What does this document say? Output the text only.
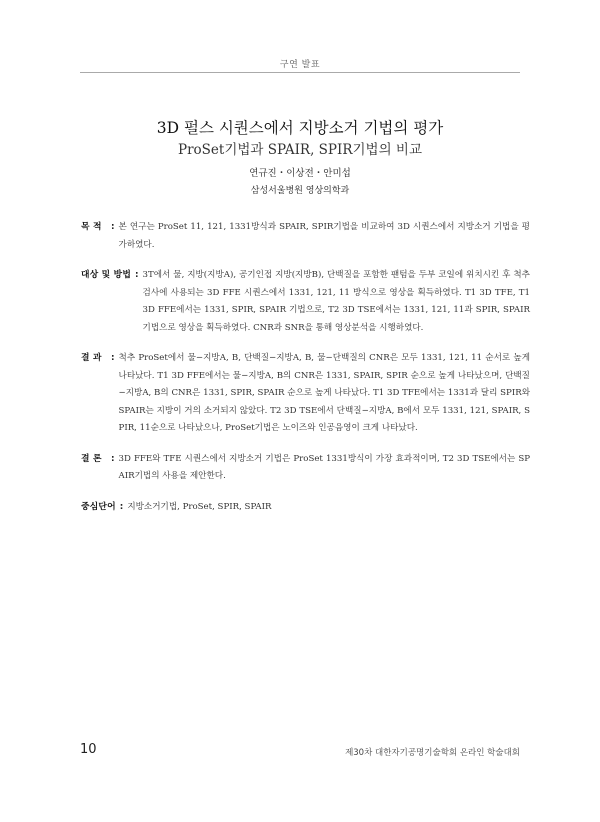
구연 발표
3D 펄스 시퀀스에서 지방소거 기법의 평가
ProSet기법과 SPAIR, SPIR기법의 비교
연규진・이상전・안미섭
삼성서울병원 영상의학과
목 적 : 본 연구는 ProSet 11, 121, 1331방식과 SPAIR, SPIR기법을 비교하여 3D 시퀀스에서 지방소거 기법을 평가하였다.
대상 및 방법 : 3T에서 물, 지방(지방A), 공기인접 지방(지방B), 단백질을 포함한 팬텀을 두부 코일에 위치시킨 후 척추 검사에 사용되는 3D FFE 시퀀스에서 1331, 121, 11 방식으로 영상을 획득하였다. T1 3D TFE, T1 3D FFE에서는 1331, SPIR, SPAIR 기법으로, T2 3D TSE에서는 1331, 121, 11과 SPIR, SPAIR 기법으로 영상을 획득하였다. CNR과 SNR을 통해 영상분석을 시행하였다.
결 과 : 척추 ProSet에서 물−지방A, B, 단백질−지방A, B, 물−단백질의 CNR은 모두 1331, 121, 11 순서로 높게 나타났다. T1 3D FFE에서는 물−지방A, B의 CNR은 1331, SPAIR, SPIR 순으로 높게 나타났으며, 단백질−지방A, B의 CNR은 1331, SPIR, SPAIR 순으로 높게 나타났다. T1 3D TFE에서는 1331과 달리 SPIR와 SPAIR는 지방이 거의 소거되지 않았다. T2 3D TSE에서 단백질−지방A, B에서 모두 1331, 121, SPAIR, SPIR, 11순으로 나타났으나, ProSet기법은 노이즈와 인공음영이 크게 나타났다.
결 론 : 3D FFE와 TFE 시퀀스에서 지방소거 기법은 ProSet 1331방식이 가장 효과적이며, T2 3D TSE에서는 SPAIR기법의 사용을 제안한다.
중심단어 : 지방소거기법, ProSet, SPIR, SPAIR
10	제30차 대한자기공명기술학회 온라인 학술대회
